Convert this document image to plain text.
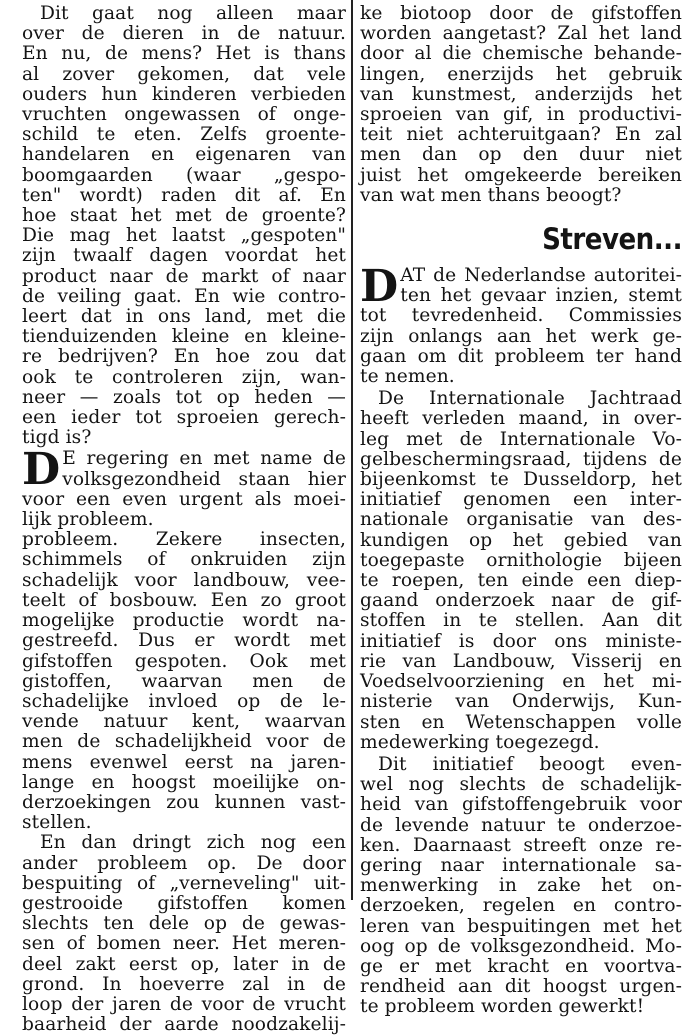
Dit gaat nog alleen maar
over de dieren in de natuur.
En nu, de mens? Het is thans
al zover gekomen, dat vele
ouders hun kinderen verbieden
vruchten ongewassen of onge-
schild te eten. Zelfs groente-
handelaren en eigenaren van
boomgaarden (waar „gespo-
ten" wordt) raden dit af. En
hoe staat het met de groente?
Die mag het laatst „gespoten"
zijn twaalf dagen voordat het
product naar de markt of naar
de veiling gaat. En wie contro-
leert dat in ons land, met die
tienduizenden kleine en kleine-
re bedrijven? En hoe zou dat
ook te controleren zijn, wan-
neer — zoals tot op heden —
een ieder tot sproeien gerech-
tigd is?
D E regering en met name de
volksgezondheid staan hier
voor een even urgent als moei-
lijk probleem.
probleem. Zekere insecten,
schimmels of onkruiden zijn
schadelijk voor landbouw, vee-
teelt of bosbouw. Een zo groot
mogelijke productie wordt na-
gestreefd. Dus er wordt met
gifstoffen gespoten. Ook met
gistoffen, waarvan men de
schadelijke invloed op de le-
vende natuur kent, waarvan
men de schadelijkheid voor de
mens evenwel eerst na jaren-
lange en hoogst moeilijke on-
derzoekingen zou kunnen vast-
stellen.
En dan dringt zich nog een
ander probleem op. De door
bespuiting of „verneveling" uit-
gestrooide gifstoffen komen
slechts ten dele op de gewas-
sen of bomen neer. Het meren-
deel zakt eerst op, later in de
grond. In hoeverre zal in de
loop der jaren de voor de vrucht
baarheid der aarde noodzakelij-
ke biotoop door de gifstoffen
worden aangetast? Zal het land
door al die chemische behande-
lingen, enerzijds het gebruik
van kunstmest, anderzijds het
sproeien van gif, in productivi-
teit niet achteruitgaan? En zal
men dan op den duur niet
juist het omgekeerde bereiken
van wat men thans beoogt?
Streven...
D AT de Nederlandse autoritei-
ten het gevaar inzien, stemt
tot tevredenheid. Commissies
zijn onlangs aan het werk ge-
gaan om dit probleem ter hand
te nemen.
De Internationale Jachtraad
heeft verleden maand, in over-
leg met de Internationale Vo-
gelbeschermingsraad, tijdens de
bijeenkomst te Dusseldorp, het
initiatief genomen een inter-
nationale organisatie van des-
kundigen op het gebied van
toegepaste ornithologie bijeen
te roepen, ten einde een diep-
gaand onderzoek naar de gif-
stoffen in te stellen. Aan dit
initiatief is door ons ministe-
rie van Landbouw, Visserij en
Voedselvoorziening en het mi-
nisterie van Onderwijs, Kun-
sten en Wetenschappen volle
medewerking toegezegd.
Dit initiatief beoogt even-
wel nog slechts de schadelijk-
heid van gifstoffengebruik voor
de levende natuur te onderzoe-
ken. Daarnaast streeft onze re-
gering naar internationale sa-
menwerking in zake het on-
derzoeken, regelen en contro-
leren van bespuitingen met het
oog op de volksgezondheid. Mo-
ge er met kracht en voortva-
rendheid aan dit hoogst urgen-
te probleem worden gewerkt!
